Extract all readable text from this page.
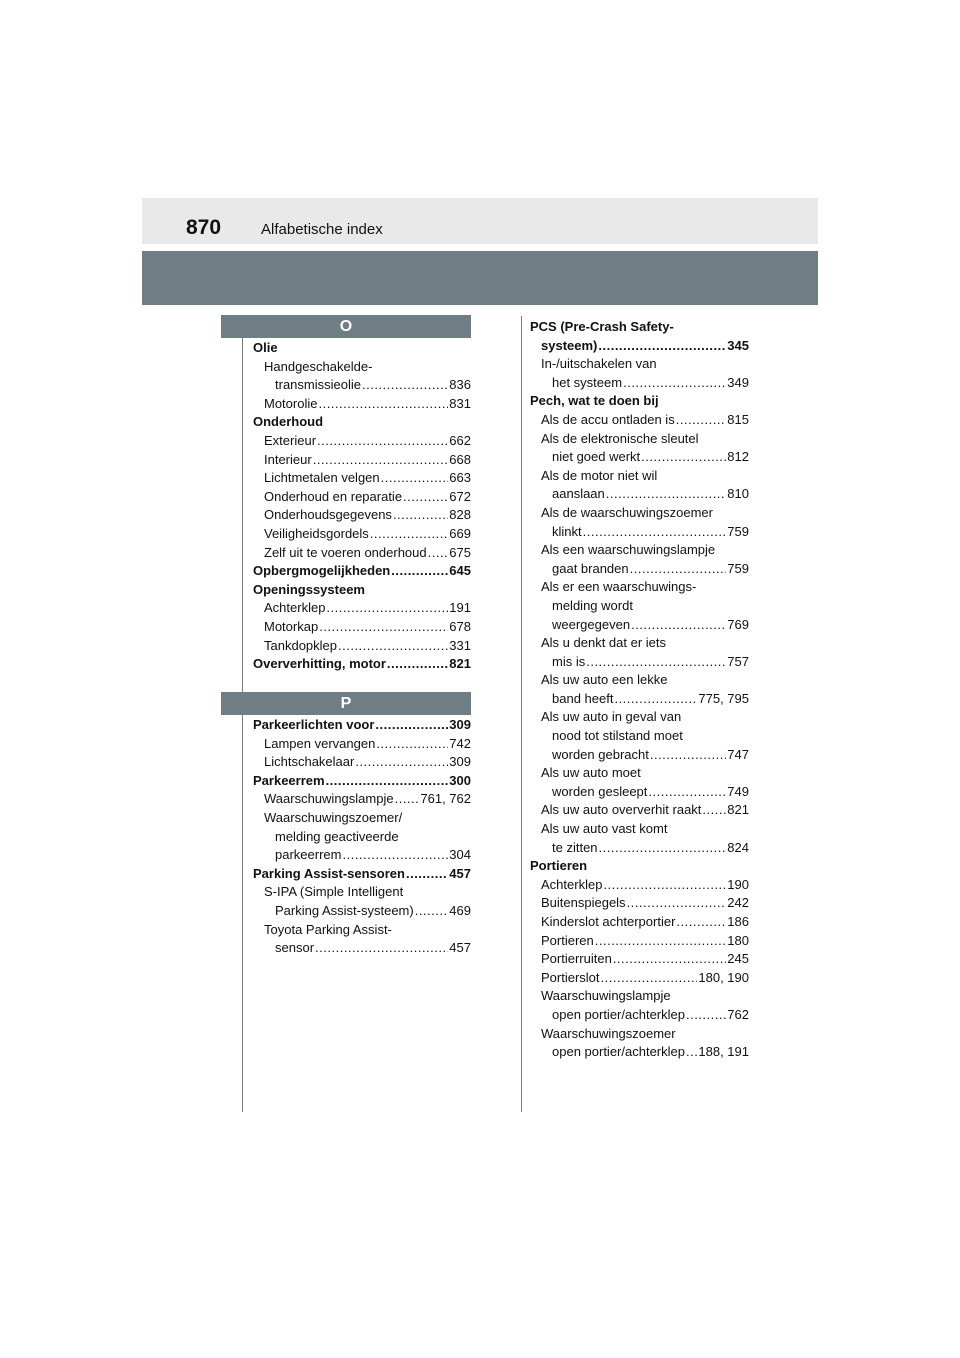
870	Alfabetische index
O
Olie
Handgeschakelde-
transmissieolie .....	836
Motorolie .....	831
Onderhoud
Exterieur .....	662
Interieur .....	668
Lichtmetalen velgen .....	663
Onderhoud en reparatie .....	672
Onderhoudsgegevens .....	828
Veiligheidsgordels .....	669
Zelf uit te voeren onderhoud ..... 675
Opbergmogelijkheden .....	645
Openingssysteem
Achterklep .....	191
Motorkap .....	678
Tankdopklep .....	331
Oververhitting, motor .....	821
P
Parkeerlichten voor .....	309
Lampen vervangen .....	742
Lichtschakelaar .....	309
Parkeerrem .....	300
Waarschuwingslampje ..... 761, 762
Waarschuwingszoemer/
melding geactiveerde
parkeerrem .....	304
Parking Assist-sensoren .....	457
S-IPA (Simple Intelligent
Parking Assist-systeem) .....	469
Toyota Parking Assist-
sensor .....	457
PCS (Pre-Crash Safety-
systeem) .....	345
In-/uitschakelen van
het systeem .....	349
Pech, wat te doen bij
Als de accu ontladen is .....	815
Als de elektronische sleutel
niet goed werkt .....	812
Als de motor niet wil
aanslaan .....	810
Als de waarschuwingszoemer
klinkt .....	759
Als een waarschuwingslampje
gaat branden .....	759
Als er een waarschuwings-
melding wordt
weergegeven .....	769
Als u denkt dat er iets
mis is .....	757
Als uw auto een lekke
band heeft .....	775, 795
Als uw auto in geval van
nood tot stilstand moet
worden gebracht .....	747
Als uw auto moet
worden gesleept .....	749
Als uw auto oververhit raakt ..... 821
Als uw auto vast komt
te zitten .....	824
Portieren
Achterklep .....	190
Buitenspiegels .....	242
Kinderslot achterportier .....	186
Portieren .....	180
Portierruiten .....	245
Portierslot .....	180, 190
Waarschuwingslampje
open portier/achterklep .....	762
Waarschuwingszoemer
open portier/achterklep ..... 188, 191
